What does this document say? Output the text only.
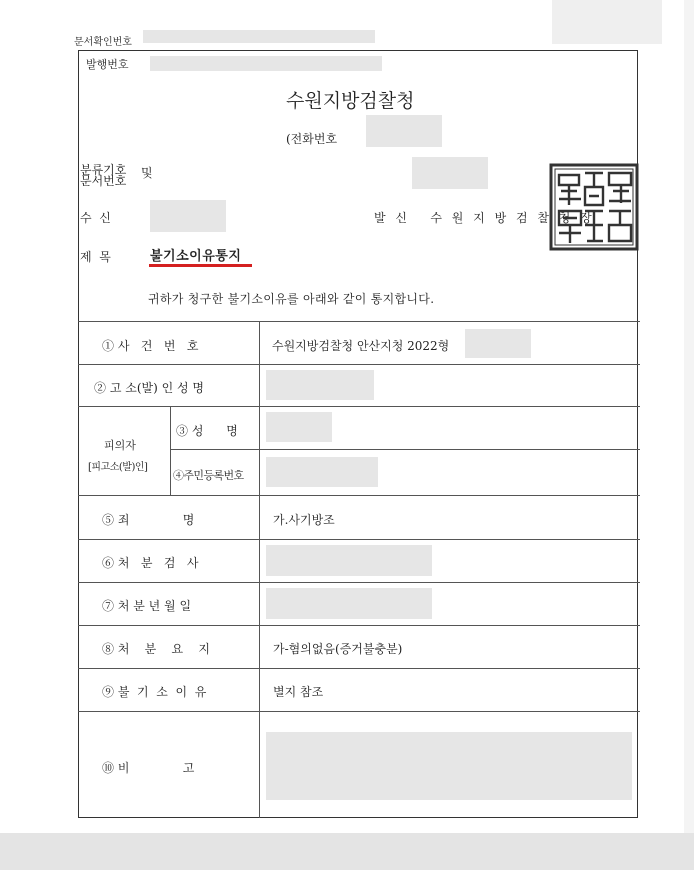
문서확인번호
발행번호
수원지방검찰청
(전화번호
분류기호
문서번호
및
수  신	발신 수원지방검찰청장
제  목	불기소이유통지
귀하가 청구한 불기소이유를 아래와 같이 통지합니다.
① 사   건   번   호	수원지방검찰청 안산지청 2022형
② 고 소(발) 인 성 명
피의자
[피고소(발)인]
③ 성      명
④주민등록번호
⑤ 죄              명	가.사기방조
⑥ 처   분   검   사
⑦ 처 분 년 월 일
⑧ 처    분    요    지	가-혐의없음(증거불충분)
⑨ 불  기  소  이  유	별지 참조
⑩ 비              고
